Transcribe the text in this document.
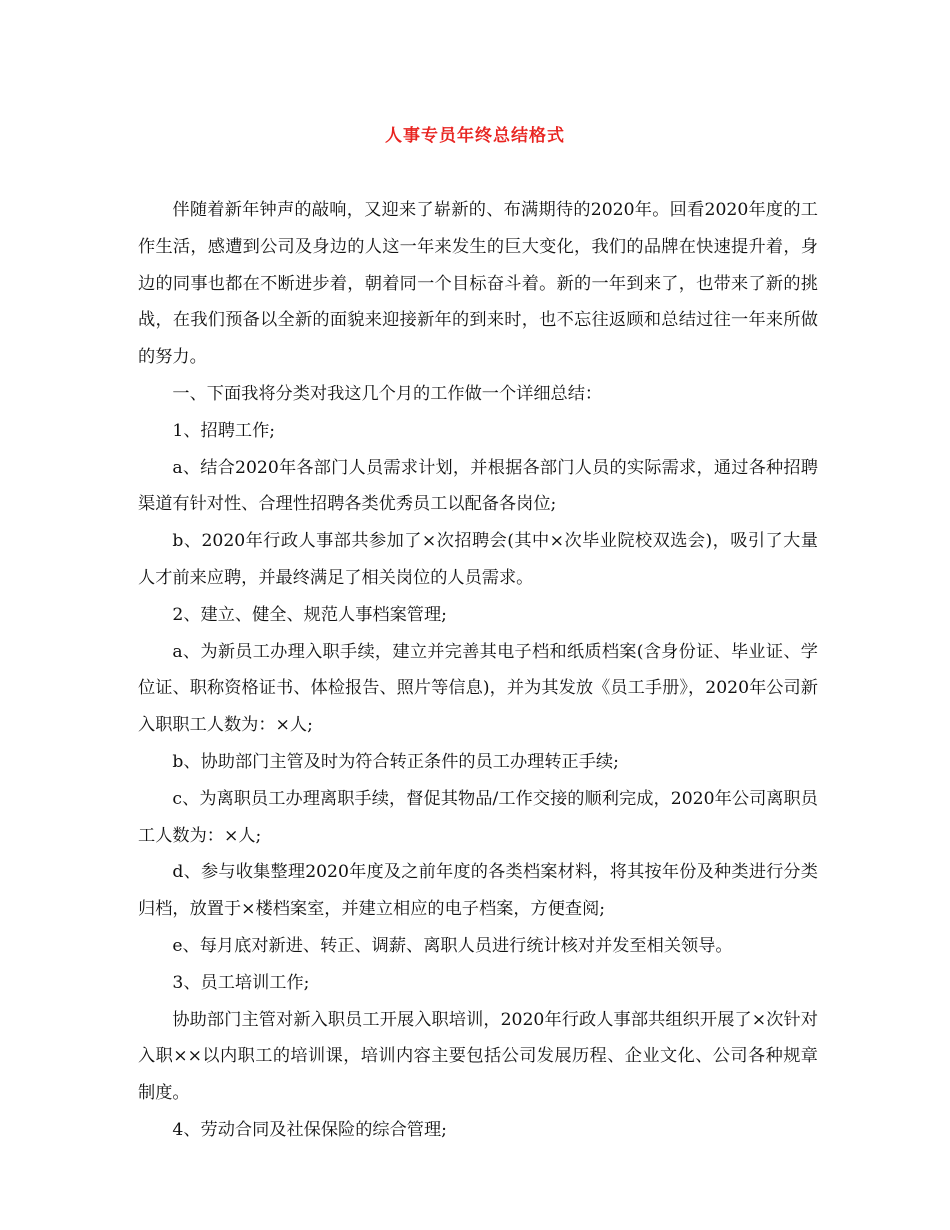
人事专员年终总结格式

伴随着新年钟声的敲响，又迎来了崭新的、布满期待的2020年。回看2020年度的工作生活，感遭到公司及身边的人这一年来发生的巨大变化，我们的品牌在快速提升着，身边的同事也都在不断进步着，朝着同一个目标奋斗着。新的一年到来了，也带来了新的挑战，在我们预备以全新的面貌来迎接新年的到来时，也不忘往返顾和总结过往一年来所做的努力。

一、下面我将分类对我这几个月的工作做一个详细总结：

1、招聘工作;

a、结合2020年各部门人员需求计划，并根据各部门人员的实际需求，通过各种招聘渠道有针对性、合理性招聘各类优秀员工以配备各岗位;

b、2020年行政人事部共参加了×次招聘会(其中×次毕业院校双选会)，吸引了大量人才前来应聘，并最终满足了相关岗位的人员需求。

2、建立、健全、规范人事档案管理;

a、为新员工办理入职手续，建立并完善其电子档和纸质档案(含身份证、毕业证、学位证、职称资格证书、体检报告、照片等信息)，并为其发放《员工手册》，2020年公司新入职职工人数为：×人;

b、协助部门主管及时为符合转正条件的员工办理转正手续;

c、为离职员工办理离职手续，督促其物品/工作交接的顺利完成，2020年公司离职员工人数为：×人;

d、参与收集整理2020年度及之前年度的各类档案材料，将其按年份及种类进行分类归档，放置于×楼档案室，并建立相应的电子档案，方便查阅;

e、每月底对新进、转正、调薪、离职人员进行统计核对并发至相关领导。

3、员工培训工作;

协助部门主管对新入职员工开展入职培训，2020年行政人事部共组织开展了×次针对入职××以内职工的培训课，培训内容主要包括公司发展历程、企业文化、公司各种规章制度。

4、劳动合同及社保保险的综合管理;
